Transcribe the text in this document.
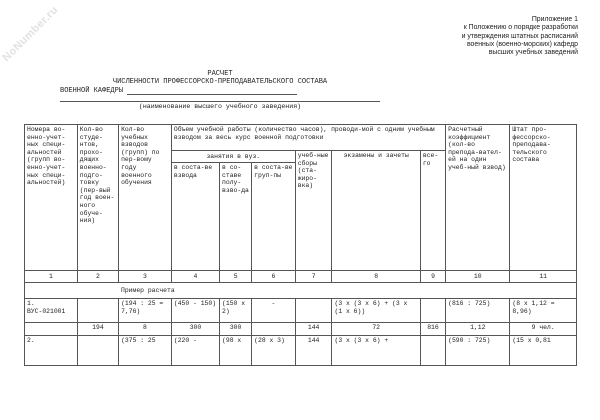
NoNumber.ru	Приложение 1
к Положению о порядке разработки
и утверждения штатных расписаний
военных (военно-морских) кафедр
высших учебных заведений
РАСЧЕТ
ЧИСЛЕННОСТИ ПРОФЕССОРСКО-ПРЕПОДАВАТЕЛЬСКОГО СОСТАВА
ВОЕННОЙ КАФЕДРЫ
(наименование высшего учебного заведения)
Номера во-енно-учет-ных специ-альностей (групп во-енно-учет-ных специ-альностей)	Кол-во студе-нтов, прохо-дящих военно-подго-товку (пер-вый год воен-ного обуче-ния)	Кол-во учебных взводов (групп) по пер-вому году военного обучения	Объем учебной работы (количество часов), проводи-мой с одним учебным взводом за весь курс военной подготовки						Расчетный коэффициент (кол-во препода-вател-ей на один учеб-ный взвод)	Штат про-фессорско-преподава-тельского состава
			занятия в вуз.			учеб-ные сборы (ста-жиро-вка)	экзамены и зачеты	все-го		
			в соста-ве взвода	в со-ставе полу-взво-да	в соста-ве груп-пы					
1	2	3	4	5	6	7	8	9	10	11
Пример расчета										
1. ВУС-021001		(194 : 25 = 7,76)	(450 - 150)	(150 x 2)	-		(3 x (3 x 6) + (3 x (1 x 6))		(816 : 725)	(8 x 1,12 = 8,96)
	194	8	300	300		144	72	816	1,12	9 чел.
2.		(375 : 25	(220 -	(98 x	(28 x 3)	144	(3 x (3 x 6) +		(590 : 725)	(15 x 0,81
